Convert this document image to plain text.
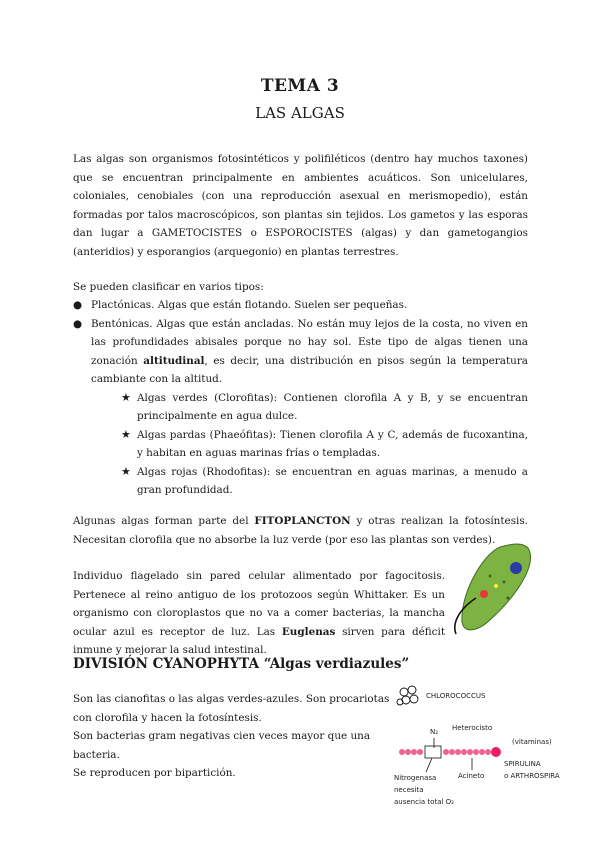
TEMA 3
LAS ALGAS

Las algas son organismos fotosintéticos y polifiléticos (dentro hay muchos taxones) que se encuentran principalmente en ambientes acuáticos. Son unicelulares, coloniales, cenobiales (con una reproducción asexual en merismopedio), están formadas por talos macroscópicos, son plantas sin tejidos. Los gametos y las esporas dan lugar a GAMETOCISTES o ESPOROCISTES (algas) y dan gametogangios (anteridios) y esporangios (arquegonio) en plantas terrestres.

Se pueden clasificar en varios tipos:

● Plactónicas. Algas que están flotando. Suelen ser pequeñas.
● Bentónicas. Algas que están ancladas. No están muy lejos de la costa, no viven en las profundidades abisales porque no hay sol. Este tipo de algas tienen una zonación altitudinal, es decir, una distribución en pisos según la temperatura cambiante con la altitud.
★ Algas verdes (Clorofitas): Contienen clorofila A y B, y se encuentran principalmente en agua dulce.
★ Algas pardas (Phaeófitas): Tienen clorofila A y C, además de fucoxantina, y habitan en aguas marinas frías o templadas.
★ Algas rojas (Rhodofitas): se encuentran en aguas marinas, a menudo a gran profundidad.

Algunas algas forman parte del FITOPLANCTON y otras realizan la fotosíntesis. Necesitan clorofila que no absorbe la luz verde (por eso las plantas son verdes).

Individuo flagelado sin pared celular alimentado por fagocitosis. Pertenece al reino antiguo de los protozoos según Whittaker. Es un organismo con cloroplastos que no va a comer bacterias, la mancha ocular azul es receptor de luz. Las Euglenas sirven para déficit inmune y mejorar la salud intestinal.

DIVISIÓN CYANOPHYTA “Algas verdiazules”

Son las cianofitas o las algas verdes-azules. Son procariotas con clorofila y hacen la fotosíntesis.
Son bacterias gram negativas cien veces mayor que una bacteria.
Se reproducen por bipartición.

CHLOROCOCCUS
N₂ Heterocisto
(vitaminas)
SPIRULINA
o ARTHROSPIRA
Nitrogenasa	Acineto
necesita
ausencia total O₂
